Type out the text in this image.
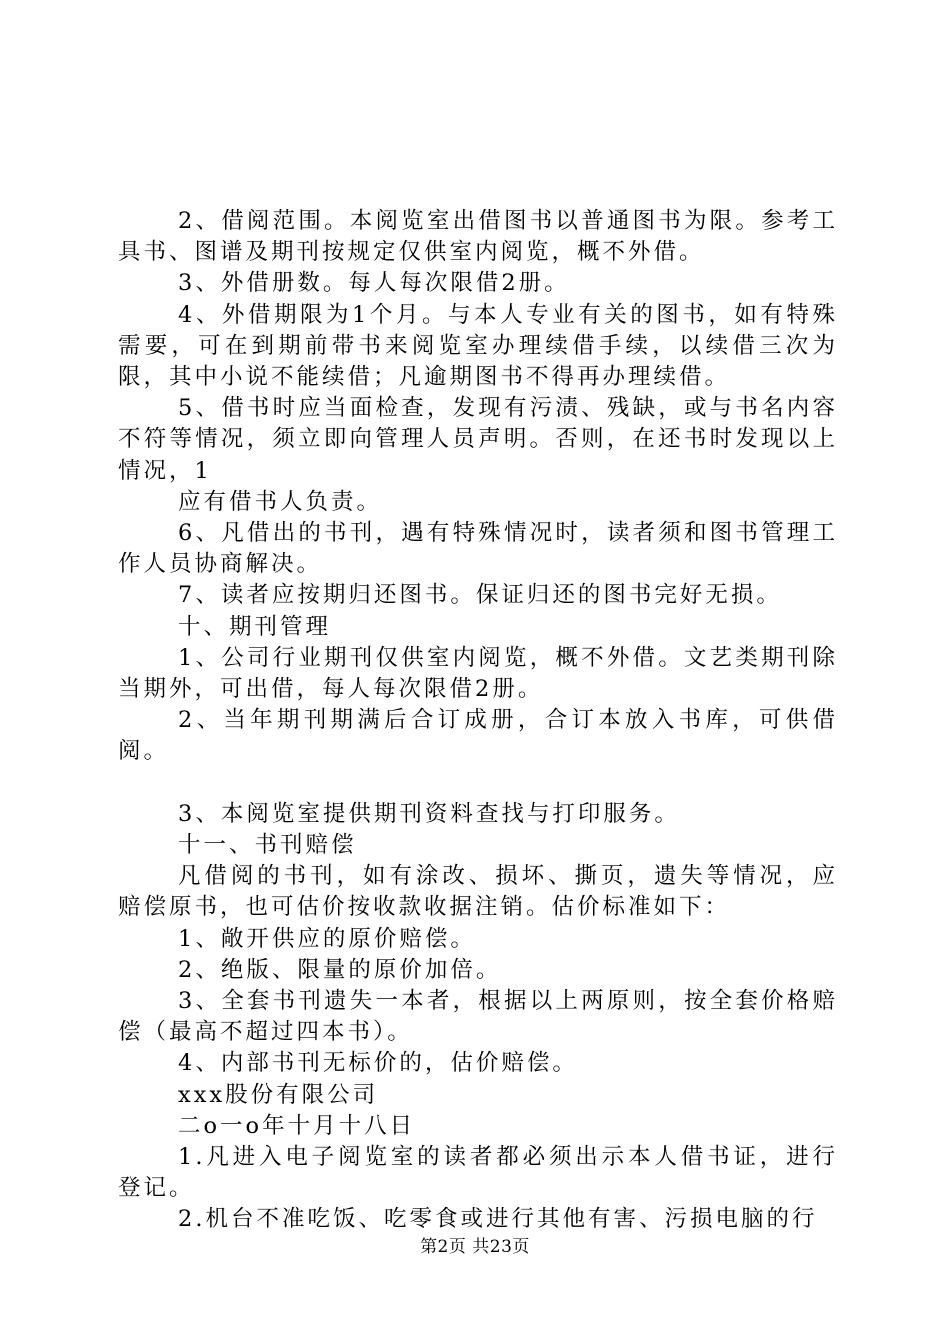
2、借阅范围。本阅览室出借图书以普通图书为限。参考工具书、图谱及期刊按规定仅供室内阅览，概不外借。

3、外借册数。每人每次限借2册。

4、外借期限为1个月。与本人专业有关的图书，如有特殊需要，可在到期前带书来阅览室办理续借手续，以续借三次为限，其中小说不能续借；凡逾期图书不得再办理续借。

5、借书时应当面检查，发现有污渍、残缺，或与书名内容不符等情况，须立即向管理人员声明。否则，在还书时发现以上情况，1

应有借书人负责。

6、凡借出的书刊，遇有特殊情况时，读者须和图书管理工作人员协商解决。

7、读者应按期归还图书。保证归还的图书完好无损。

十、期刊管理

1、公司行业期刊仅供室内阅览，概不外借。文艺类期刊除当期外，可出借，每人每次限借2册。

2、当年期刊期满后合订成册，合订本放入书库，可供借阅。

3、本阅览室提供期刊资料查找与打印服务。

十一、书刊赔偿

凡借阅的书刊，如有涂改、损坏、撕页，遗失等情况，应赔偿原书，也可估价按收款收据注销。估价标准如下：

1、敞开供应的原价赔偿。

2、绝版、限量的原价加倍。

3、全套书刊遗失一本者，根据以上两原则，按全套价格赔偿（最高不超过四本书）。

4、内部书刊无标价的，估价赔偿。

xxx股份有限公司

二o一o年十月十八日

1.凡进入电子阅览室的读者都必须出示本人借书证，进行登记。

2.机台不准吃饭、吃零食或进行其他有害、污损电脑的行

第2页 共23页
